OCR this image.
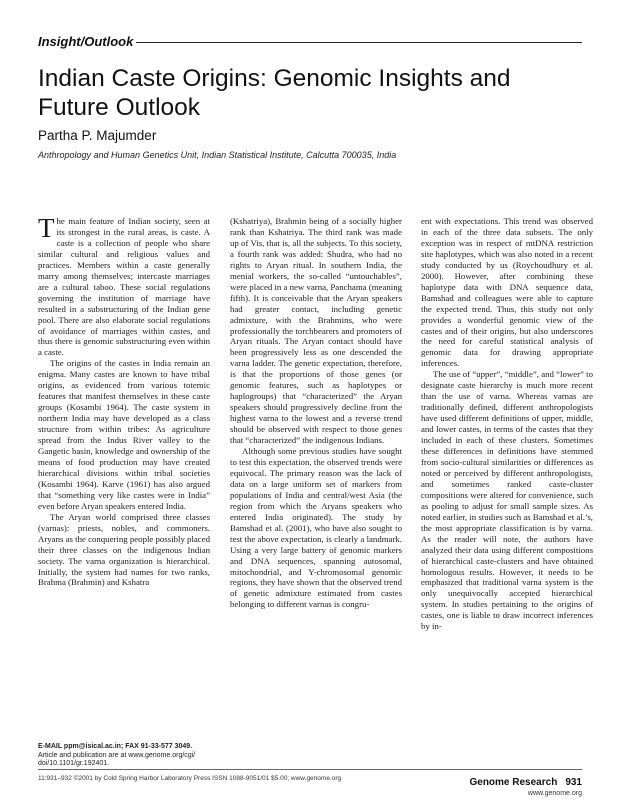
Insight/Outlook
Indian Caste Origins: Genomic Insights and Future Outlook
Partha P. Majumder
Anthropology and Human Genetics Unit, Indian Statistical Institute, Calcutta 700035, India

The main feature of Indian society, seen at its strongest in the rural areas, is caste. A caste is a collection of people who share similar cultural and religious values and practices. Members within a caste generally marry among themselves; intercaste marriages are a cultural taboo. These social regulations governing the institution of marriage have resulted in a substructuring of the Indian gene pool. There are also elaborate social regulations of avoidance of marriages within castes, and thus there is genomic substructuring even within a caste.

The origins of the castes in India remain an enigma. Many castes are known to have tribal origins, as evidenced from various totemic features that manifest themselves in these caste groups (Kosambi 1964). The caste system in northern India may have developed as a class structure from within tribes: As agriculture spread from the Indus River valley to the Gangetic basin, knowledge and ownership of the means of food production may have created hierarchical divisions within tribal societies (Kosambi 1964). Karve (1961) has also argued that “something very like castes were in India” even before Aryan speakers entered India.

The Aryan world comprised three classes (varnas): priests, nobles, and commoners. Aryans as the conquering people possibly placed their three classes on the indigenous Indian society. The varna organization is hierarchical. Initially, the system had names for two ranks, Brahma (Brahmin) and Kshatra

(Kshatriya), Brahmin being of a socially higher rank than Kshatriya. The third rank was made up of Vis, that is, all the subjects. To this society, a fourth rank was added: Shudra, who had no rights to Aryan ritual. In southern India, the menial workers, the so-called “untouchables”, were placed in a new varna, Panchama (meaning fifth). It is conceivable that the Aryan speakers had greater contact, including genetic admixture, with the Brahmins, who were professionally the torchbearers and promoters of Aryan rituals. The Aryan contact should have been progressively less as one descended the varna ladder. The genetic expectation, therefore, is that the proportions of those genes (or genomic features, such as haplotypes or haplogroups) that “characterized” the Aryan speakers should progressively decline from the highest varna to the lowest and a reverse trend should be observed with respect to those genes that “characterized” the indigenous Indians.

Although some previous studies have sought to test this expectation, the observed trends were equivocal. The primary reason was the lack of data on a large uniform set of markers from populations of India and central/west Asia (the region from which the Aryans speakers who entered India originated). The study by Bamshad et al. (2001), who have also sought to test the above expectation, is clearly a landmark. Using a very large battery of genomic markers and DNA sequences, spanning autosomal, mitochondrial, and Y-chromosomal genomic regions, they have shown that the observed trend of genetic admixture estimated from castes belonging to different varnas is congru-

ent with expectations. This trend was observed in each of the three data subsets. The only exception was in respect of mtDNA restriction site haplotypes, which was also noted in a recent study conducted by us (Roychoudhury et al. 2000). However, after combining these haplotype data with DNA sequence data, Bamshad and colleagues were able to capture the expected trend. Thus, this study not only provides a wonderful genomic view of the castes and of their origins, but also underscores the need for careful statistical analysis of genomic data for drawing appropriate inferences.

The use of “upper”, “middle”, and “lower” to designate caste hierarchy is much more recent than the use of varna. Whereas varnas are traditionally defined, different anthropologists have used different definitions of upper, middle, and lower castes, in terms of the castes that they included in each of these clusters. Sometimes these differences in definitions have stemmed from socio-cultural similarities or differences as noted or perceived by different anthropologists, and sometimes ranked caste-cluster compositions were altered for convenience, such as pooling to adjust for small sample sizes. As noted earlier, in studies such as Bamshad et al.’s, the most appropriate classification is by varna. As the reader will note, the authors have analyzed their data using different compositions of hierarchical caste-clusters and have obtained homologous results. However, it needs to be emphasized that traditional varna system is the only unequivocally accepted hierarchical system. In studies pertaining to the origins of castes, one is liable to draw incorrect inferences by in-

E-MAIL ppm@isical.ac.in; FAX 91-33-577 3049.
Article and publication are at www.genome.org/cgi/
doi/10.1101/gr.192401.
11:931–932 ©2001 by Cold Spring Harbor Laboratory Press ISSN 1088-9051/01 $5.00; www.genome.org	Genome Research 931
www.genome.org
